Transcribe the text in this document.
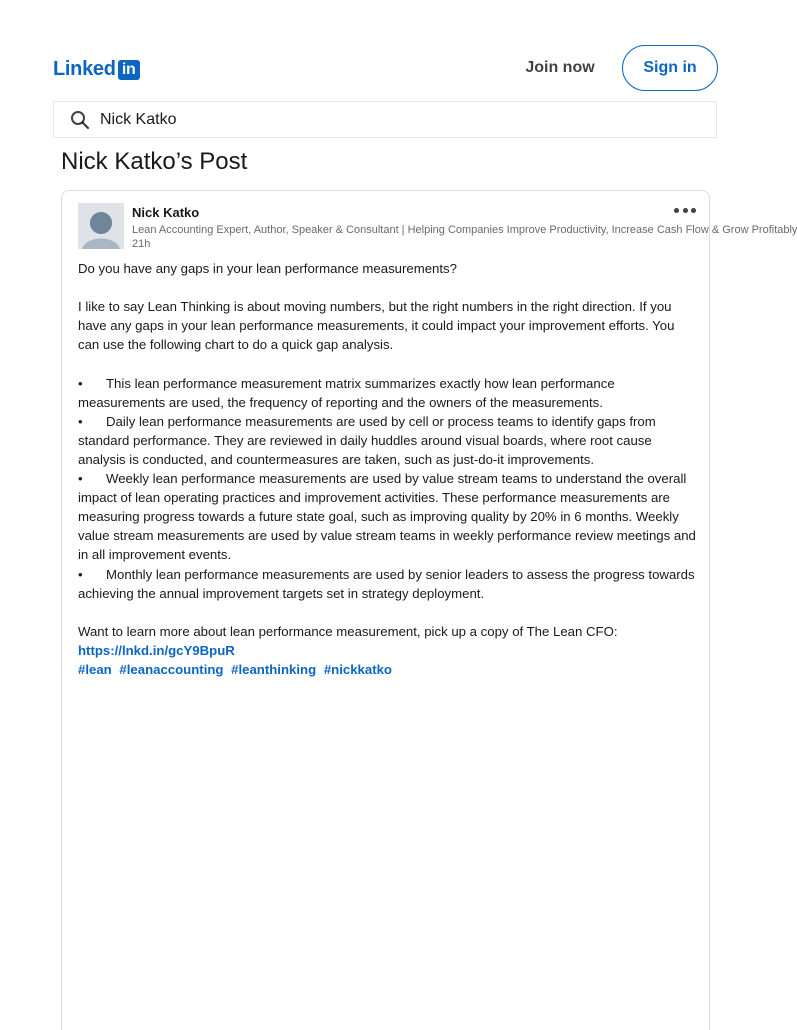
Linked in	Join now	Sign in
Nick Katko
Nick Katko’s Post
Nick Katko
Lean Accounting Expert, Author, Speaker & Consultant | Helping Companies Improve Productivity, Increase Cash Flow & Grow Profitably
21h

Do you have any gaps in your lean performance measurements?

I like to say Lean Thinking is about moving numbers, but the right numbers in the right direction. If you have any gaps in your lean performance measurements, it could impact your improvement efforts. You can use the following chart to do a quick gap analysis.

• This lean performance measurement matrix summarizes exactly how lean performance measurements are used, the frequency of reporting and the owners of the measurements.

• Daily lean performance measurements are used by cell or process teams to identify gaps from standard performance. They are reviewed in daily huddles around visual boards, where root cause analysis is conducted, and countermeasures are taken, such as just-do-it improvements.

• Weekly lean performance measurements are used by value stream teams to understand the overall impact of lean operating practices and improvement activities. These performance measurements are measuring progress towards a future state goal, such as improving quality by 20% in 6 months. Weekly value stream measurements are used by value stream teams in weekly performance review meetings and in all improvement events.

• Monthly lean performance measurements are used by senior leaders to assess the progress towards achieving the annual improvement targets set in strategy deployment.

Want to learn more about lean performance measurement, pick up a copy of The Lean CFO:

https://lnkd.in/gcY9BpuR

#lean #leanaccounting #leanthinking #nickkatko
